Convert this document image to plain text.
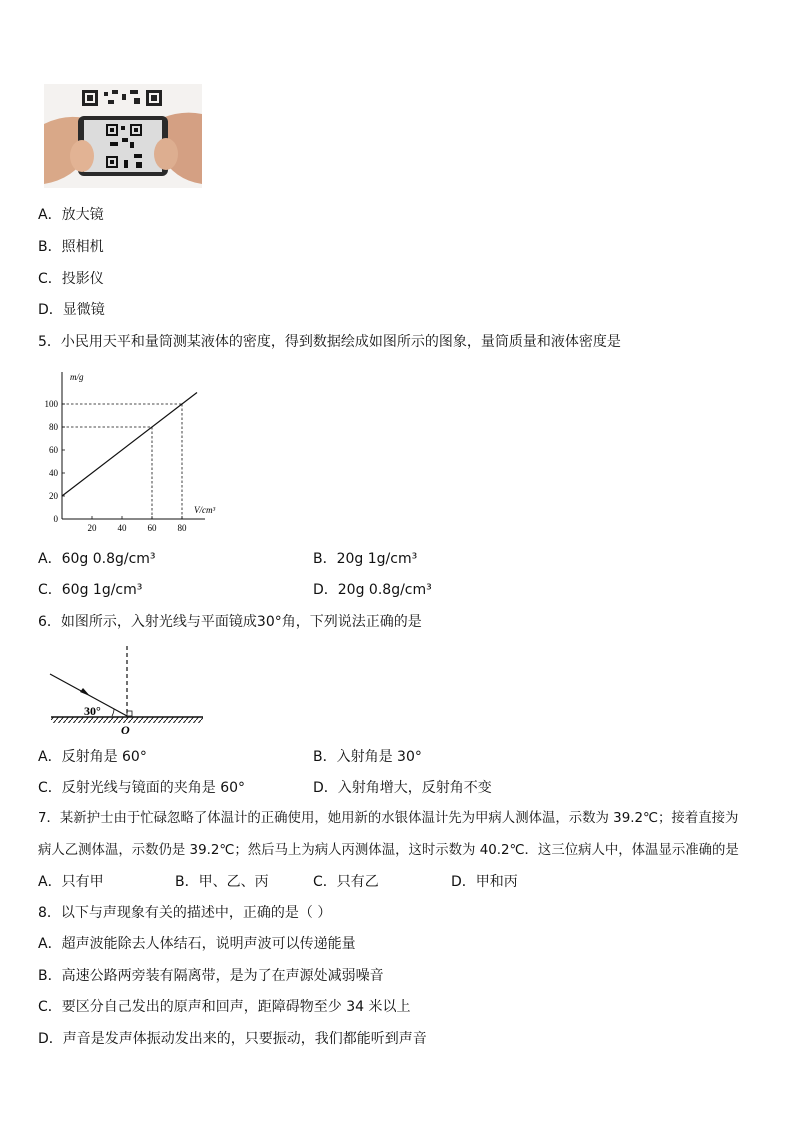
A．放大镜
B．照相机
C．投影仪
D．显微镜
5．小民用天平和量筒测某液体的密度，得到数据绘成如图所示的图象，量筒质量和液体密度是
20 40 60 80
0
20
40
60
80
100
m/g
V/cm³
A．60g 0.8g/cm³	B．20g 1g/cm³
C．60g 1g/cm³	D．20g 0.8g/cm³
6．如图所示，入射光线与平面镜成30°角，下列说法正确的是
30°
O
A．反射角是 60°	B．入射角是 30°
C．反射光线与镜面的夹角是 60°	D．入射角增大，反射角不变
7．某新护士由于忙碌忽略了体温计的正确使用，她用新的水银体温计先为甲病人测体温，示数为 39.2℃；接着直接为
病人乙测体温，示数仍是 39.2℃；然后马上为病人丙测体温，这时示数为 40.2℃．这三位病人中，体温显示准确的是
A．只有甲	B．甲、乙、丙	C．只有乙	D．甲和丙
8．以下与声现象有关的描述中，正确的是（ ）
A．超声波能除去人体结石，说明声波可以传递能量
B．高速公路两旁装有隔离带，是为了在声源处减弱噪音
C．要区分自己发出的原声和回声，距障碍物至少 34 米以上
D．声音是发声体振动发出来的，只要振动，我们都能听到声音
